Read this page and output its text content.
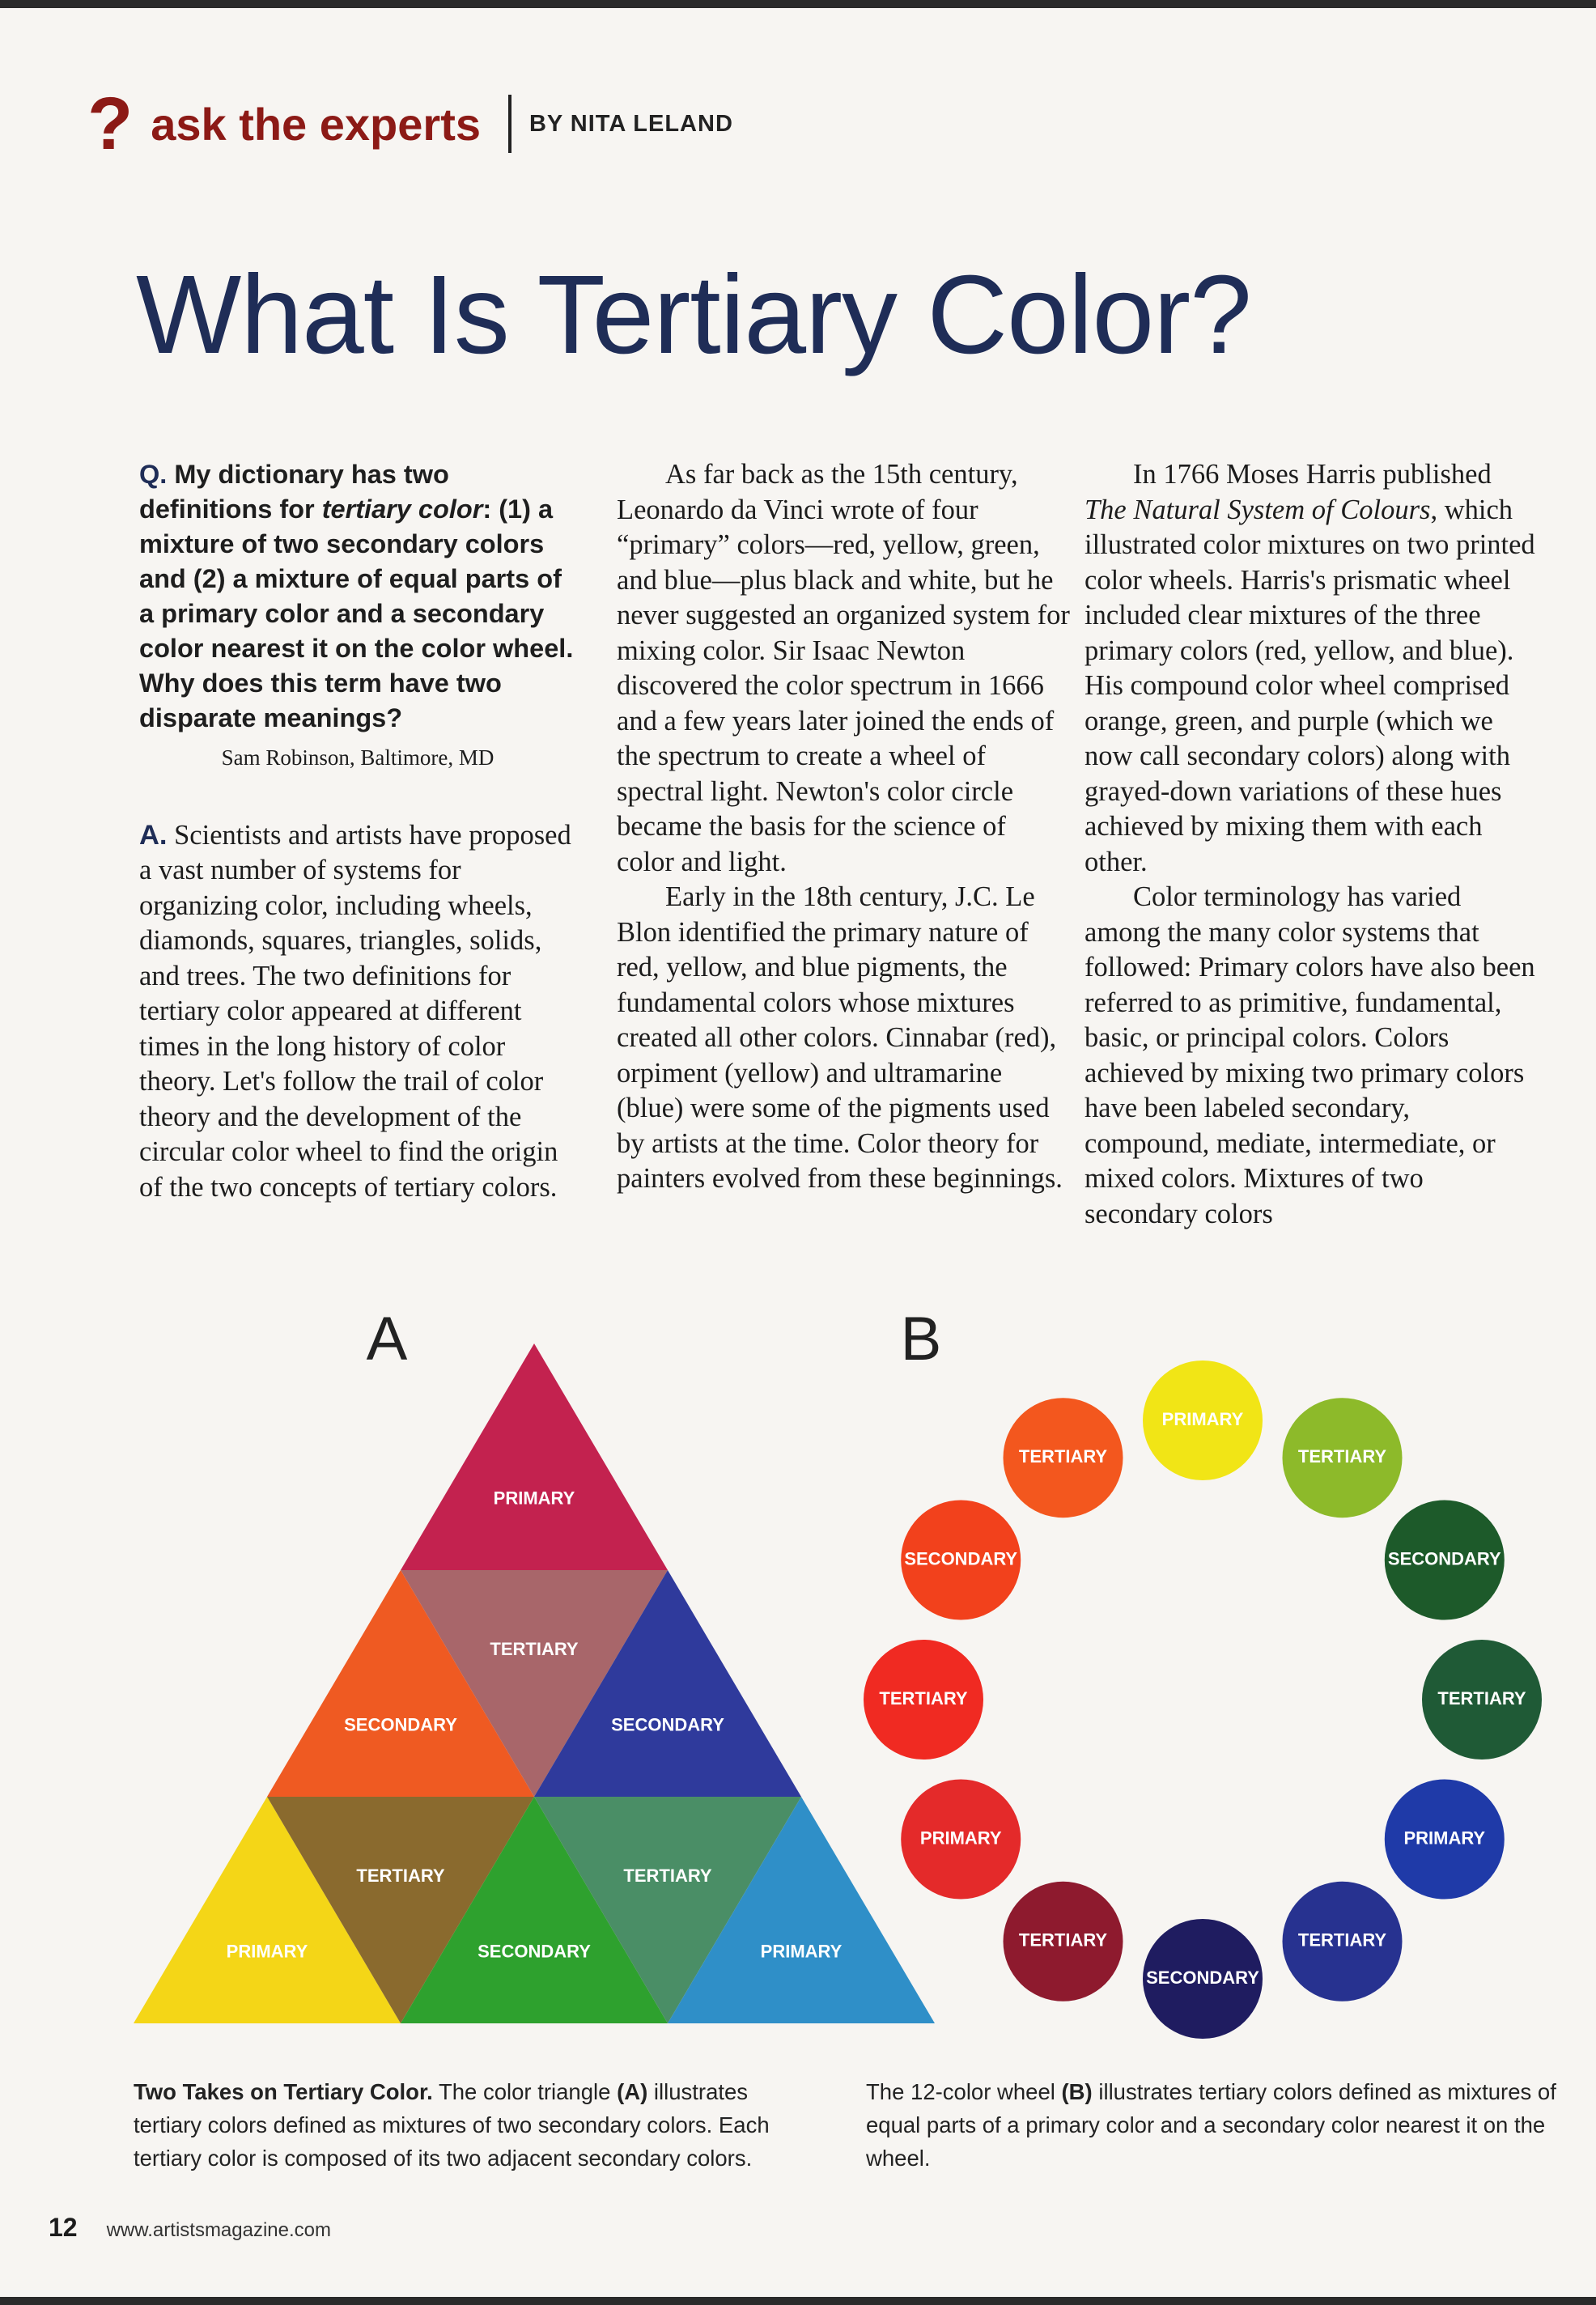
? ask the experts BY NITA LELAND
What Is Tertiary Color?

Q. My dictionary has two definitions for tertiary color: (1) a mixture of two secondary colors and (2) a mixture of equal parts of a primary color and a secondary color nearest it on the color wheel. Why does this term have two disparate meanings?

Sam Robinson, Baltimore, MD

A. Scientists and artists have proposed a vast number of systems for organizing color, including wheels, diamonds, squares, triangles, solids, and trees. The two definitions for tertiary color appeared at different times in the long history of color theory. Let's follow the trail of color theory and the development of the circular color wheel to find the origin of the two concepts of tertiary colors.

As far back as the 15th century, Leonardo da Vinci wrote of four “primary” colors—red, yellow, green, and blue—plus black and white, but he never suggested an organized system for mixing color. Sir Isaac Newton discovered the color spectrum in 1666 and a few years later joined the ends of the spectrum to create a wheel of spectral light. Newton's color circle became the basis for the science of color and light.

Early in the 18th century, J.C. Le Blon identified the primary nature of red, yellow, and blue pigments, the fundamental colors whose mixtures created all other colors. Cinnabar (red), orpiment (yellow) and ultramarine (blue) were some of the pigments used by artists at the time. Color theory for painters evolved from these beginnings.

In 1766 Moses Harris published The Natural System of Colours, which illustrated color mixtures on two printed color wheels. Harris's prismatic wheel included clear mixtures of the three primary colors (red, yellow, and blue). His compound color wheel comprised orange, green, and purple (which we now call secondary colors) along with grayed-down variations of these hues achieved by mixing them with each other.

Color terminology has varied among the many color systems that followed: Primary colors have also been referred to as primitive, fundamental, basic, or principal colors. Colors achieved by mixing two primary colors have been labeled secondary, compound, mediate, intermediate, or mixed colors. Mixtures of two secondary colors

A
PRIMARY
TERTIARY
SECONDARY	SECONDARY
PRIMARY
TERTIARY
SECONDARY
TERTIARY
PRIMARY
B
PRIMARY
TERTIARY
SECONDARY
TERTIARY
PRIMARY
TERTIARY
SECONDARY
TERTIARY
PRIMARY
TERTIARY
SECONDARY
TERTIARY

Two Takes on Tertiary Color. The color triangle (A) illustrates tertiary colors defined as mixtures of two secondary colors. Each tertiary color is composed of its two adjacent secondary colors.

The 12-color wheel (B) illustrates tertiary colors defined as mixtures of equal parts of a primary color and a secondary color nearest it on the wheel.

12 www.artistsmagazine.com
